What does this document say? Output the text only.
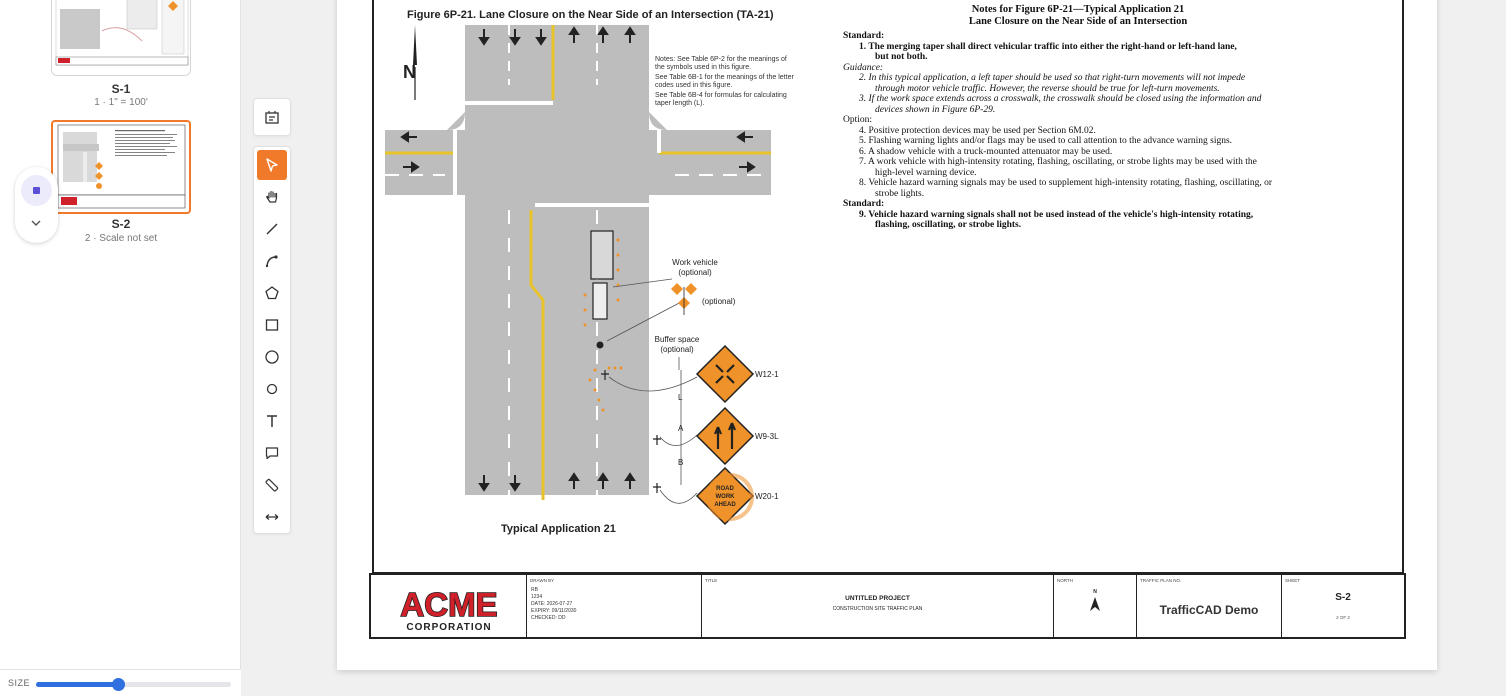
S-1
1 · 1" = 100'
S-2
2 · Scale not set
SIZE
Figure 6P-21. Lane Closure on the Near Side of an Intersection (TA-21)
N
ROAD
WORK
AHEAD
Work vehicle
(optional)
(optional)
Buffer space
(optional)
W12-1
W9-3L
W20-1
L
A
B
Notes: See Table 6P-2 for the meanings of the symbols used in this figure.
See Table 6B-1 for the meanings of the letter codes used in this figure.
See Table 6B-4 for formulas for calculating taper length (L).
Typical Application 21
Notes for Figure 6P-21—Typical Application 21
Lane Closure on the Near Side of an Intersection
Standard:
1. The merging taper shall direct vehicular traffic into either the right-hand or left-hand lane,
but not both.
Guidance:
2. In this typical application, a left taper should be used so that right-turn movements will not impede
through motor vehicle traffic. However, the reverse should be true for left-turn movements.
3. If the work space extends across a crosswalk, the crosswalk should be closed using the information and
devices shown in Figure 6P-29.
Option:
4. Positive protection devices may be used per Section 6M.02.
5. Flashing warning lights and/or flags may be used to call attention to the advance warning signs.
6. A shadow vehicle with a truck-mounted attenuator may be used.
7. A work vehicle with high-intensity rotating, flashing, oscillating, or strobe lights may be used with the
high-level warning device.
8. Vehicle hazard warning signals may be used to supplement high-intensity rotating, flashing, oscillating, or
strobe lights.
Standard:
9. Vehicle hazard warning signals shall not be used instead of the vehicle's high-intensity rotating,
flashing, oscillating, or strobe lights.
ACME
CORPORATION
DRAWN BY
RB
1234
DATE: 2026-07-27
EXPIRY: 09/11/2030
CHECKED: DD
TITLE
UNTITLED PROJECT
CONSTRUCTION SITE TRAFFIC PLAN
NORTH
N
TRAFFIC PLAN NO.
TrafficCAD Demo
SHEET
S-2
2 OF 2
